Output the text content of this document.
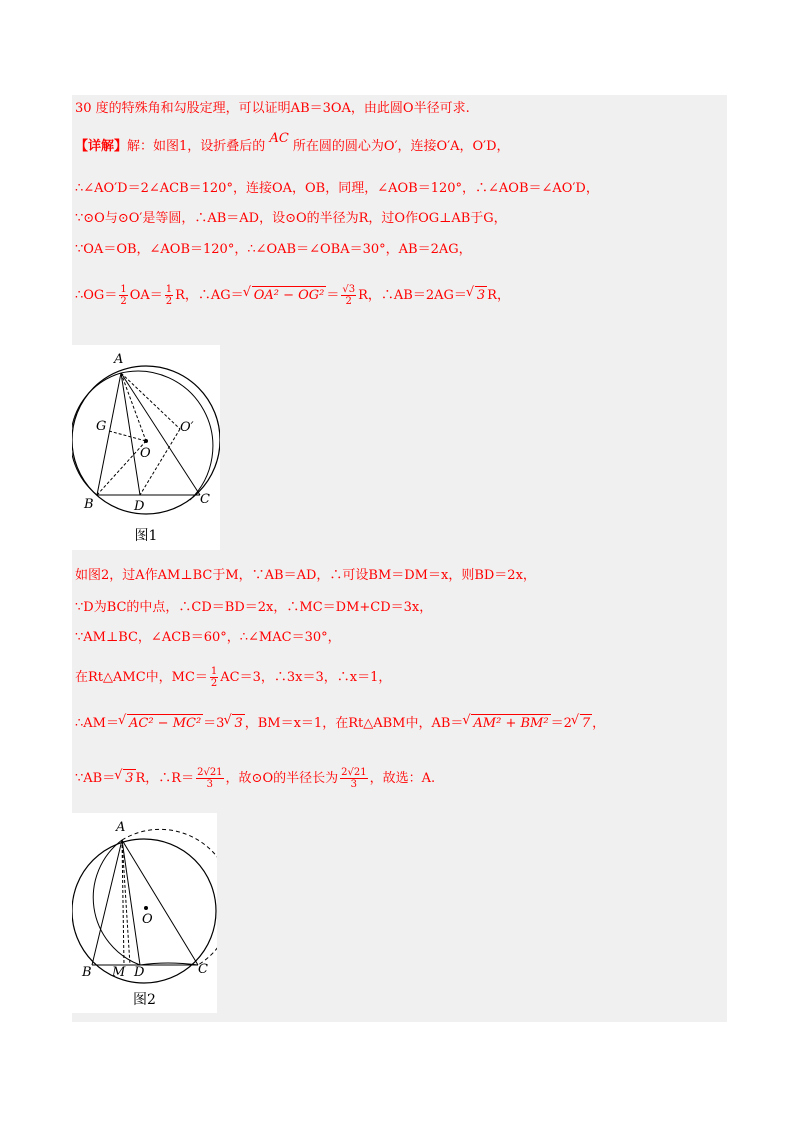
30 度的特殊角和勾股定理，可以证明AB＝3OA，由此圆O半径可求.
【详解】解：如图1，设折叠后的 AC 所在圆的圆心为O′，连接O′A，O′D，
∴∠AO′D＝2∠ACB＝120°，连接OA，OB，同理，∠AOB＝120°，∴∠AOB＝∠AO′D，
∵⊙O与⊙O′是等圆，∴AB＝AD，设⊙O的半径为R，过O作OG⊥AB于G，
∵OA＝OB，∠AOB＝120°，∴∠OAB＝∠OBA＝30°，AB＝2AG，
∴OG＝ $\frac{1}{2} OA= \frac{1}{2}$ R，∴AG＝ √ $OA^2 - OG^2 = \frac{√3}{2}$ R，∴AB＝2AG＝ √ 3 R，
A
B	C
D
G
O
O′
图1
如图2，过A作AM⊥BC于M，∵AB＝AD，∴可设BM＝DM＝x，则BD＝2x，
∵D为BC的中点，∴CD＝BD＝2x，∴MC＝DM+CD＝3x，
∵AM⊥BC，∠ACB＝60°，∴∠MAC＝30°，
在Rt△AMC中，$MC= \frac{1}{2} AC=3$，∴3x＝3，∴x＝1，
∴AM＝ √ AC² − MC² ＝3 √ 3 ，BM＝x＝1，在Rt△ABM中，AB＝ √ AM² + BM² ＝2 √ 7 ，
∵AB＝ √ 3 R，∴R＝ $\frac{2√21}{3}$ ，故⊙O的半径长为 $\frac{2√21}{3}$ ，故选：A.
A
B	C
D
M
O
图2
